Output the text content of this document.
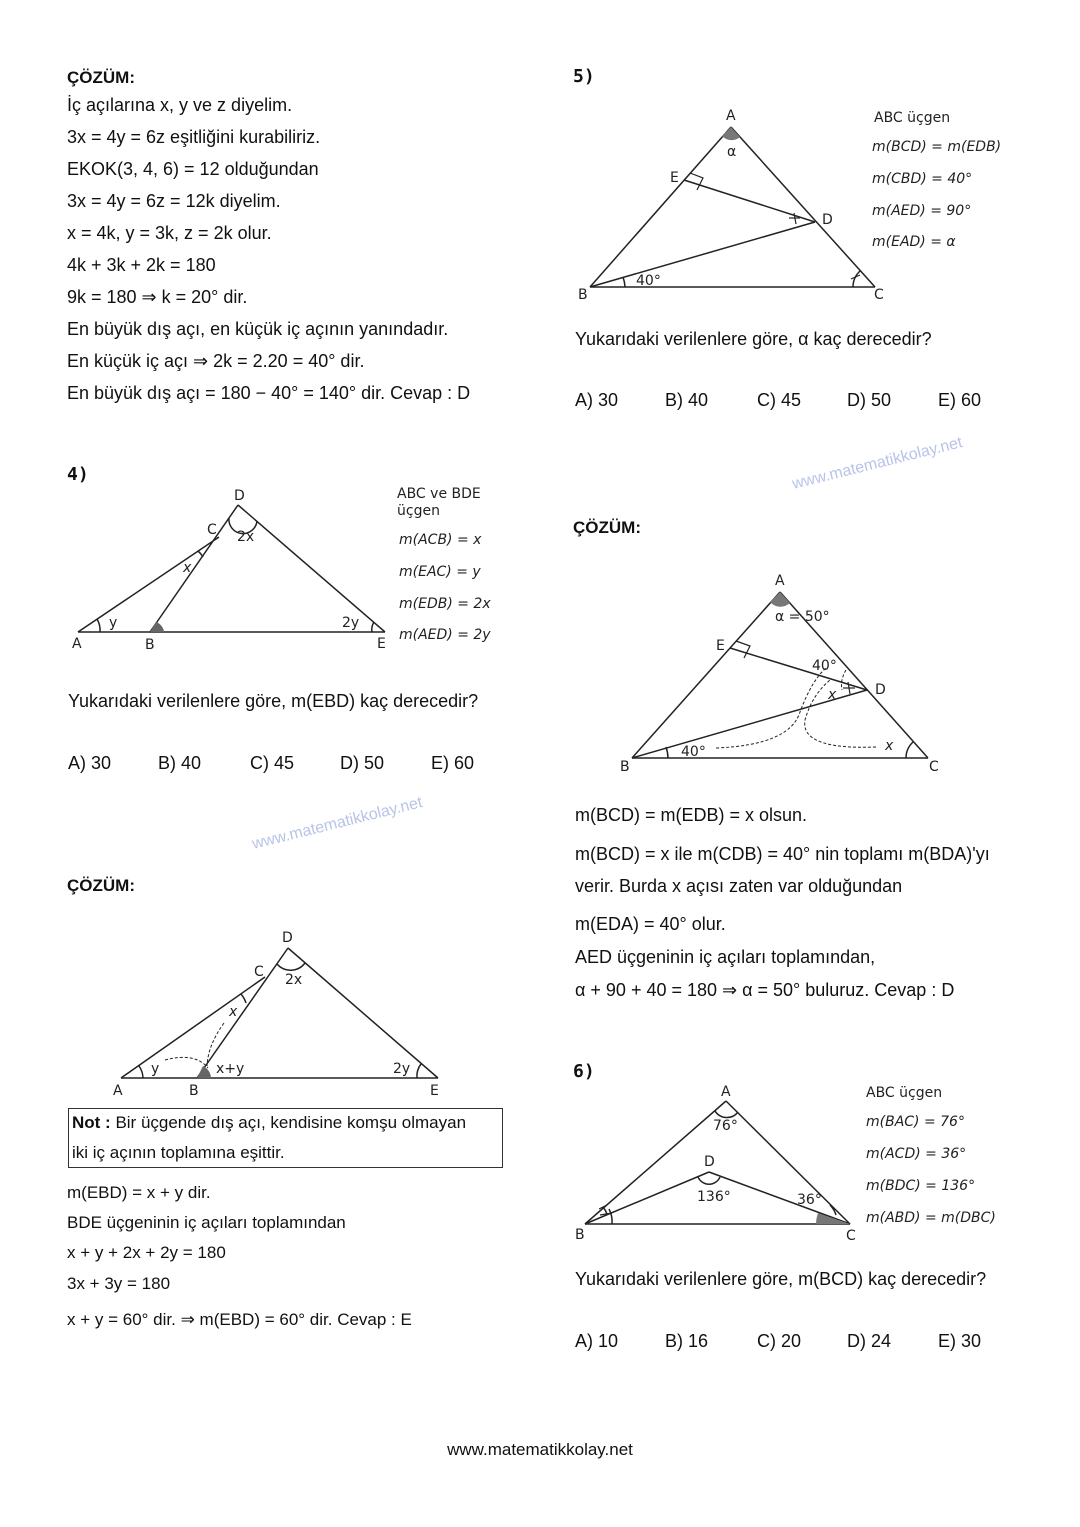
ÇÖZÜM:
İç açılarına x, y ve z diyelim.
3x = 4y = 6z eşitliğini kurabiliriz.
EKOK(3, 4, 6) = 12 olduğundan
3x = 4y = 6z = 12k diyelim.
x = 4k, y = 3k, z = 2k olur.
4k + 3k + 2k = 180
9k = 180 ⇒ k = 20° dir.
En büyük dış açı, en küçük iç açının yanındadır.
En küçük iç açı ⇒ 2k = 2.20 = 40° dir.
En büyük dış açı = 180 − 40° = 140° dir. Cevap : D
4)
A	B
C
D
E
x
y
2x
2y
ABC ve BDE
üçgen
m(ACB) = x
m(EAC) = y
m(EDB) = 2x
m(AED) = 2y
Yukarıdaki verilenlere göre, m(EBD) kaç derecedir?
A) 30	B) 40	C) 45	D) 50	E) 60
ÇÖZÜM:
A	B
C
D
E
x
y
2x
2y
x+y
Not : Bir üçgende dış açı, kendisine komşu olmayan
iki iç açının toplamına eşittir.
m(EBD) = x + y dir.
BDE üçgeninin iç açıları toplamından
x + y + 2x + 2y = 180
3x + 3y = 180
x + y = 60° dir. ⇒ m(EBD) = 60° dir. Cevap : E
www.matematikkolay.net
5)
A
B	C
D
E
α
40°
ABC üçgen
m(BCD) = m(EDB)
m(CBD) = 40°
m(AED) = 90°
m(EAD) = α
www.matematikkolay.net
Yukarıdaki verilenlere göre, α kaç derecedir?
A) 30	B) 40	C) 45	D) 50	E) 60
ÇÖZÜM:
A
B	C
D
E
α = 50°
40°
40°
x
x
m(BCD) = m(EDB) = x olsun.
m(BCD) = x ile m(CDB) = 40° nin toplamı m(BDA)'yı
verir. Burda x açısı zaten var olduğundan
m(EDA) = 40° olur.
AED üçgeninin iç açıları toplamından,
α + 90 + 40 = 180 ⇒ α = 50° buluruz. Cevap : D
6)
A
B	C
D
76°
136°	36°
ABC üçgen
m(BAC) = 76°
m(ACD) = 36°
m(BDC) = 136°
m(ABD) = m(DBC)
Yukarıdaki verilenlere göre, m(BCD) kaç derecedir?
A) 10	B) 16	C) 20	D) 24	E) 30
www.matematikkolay.net
